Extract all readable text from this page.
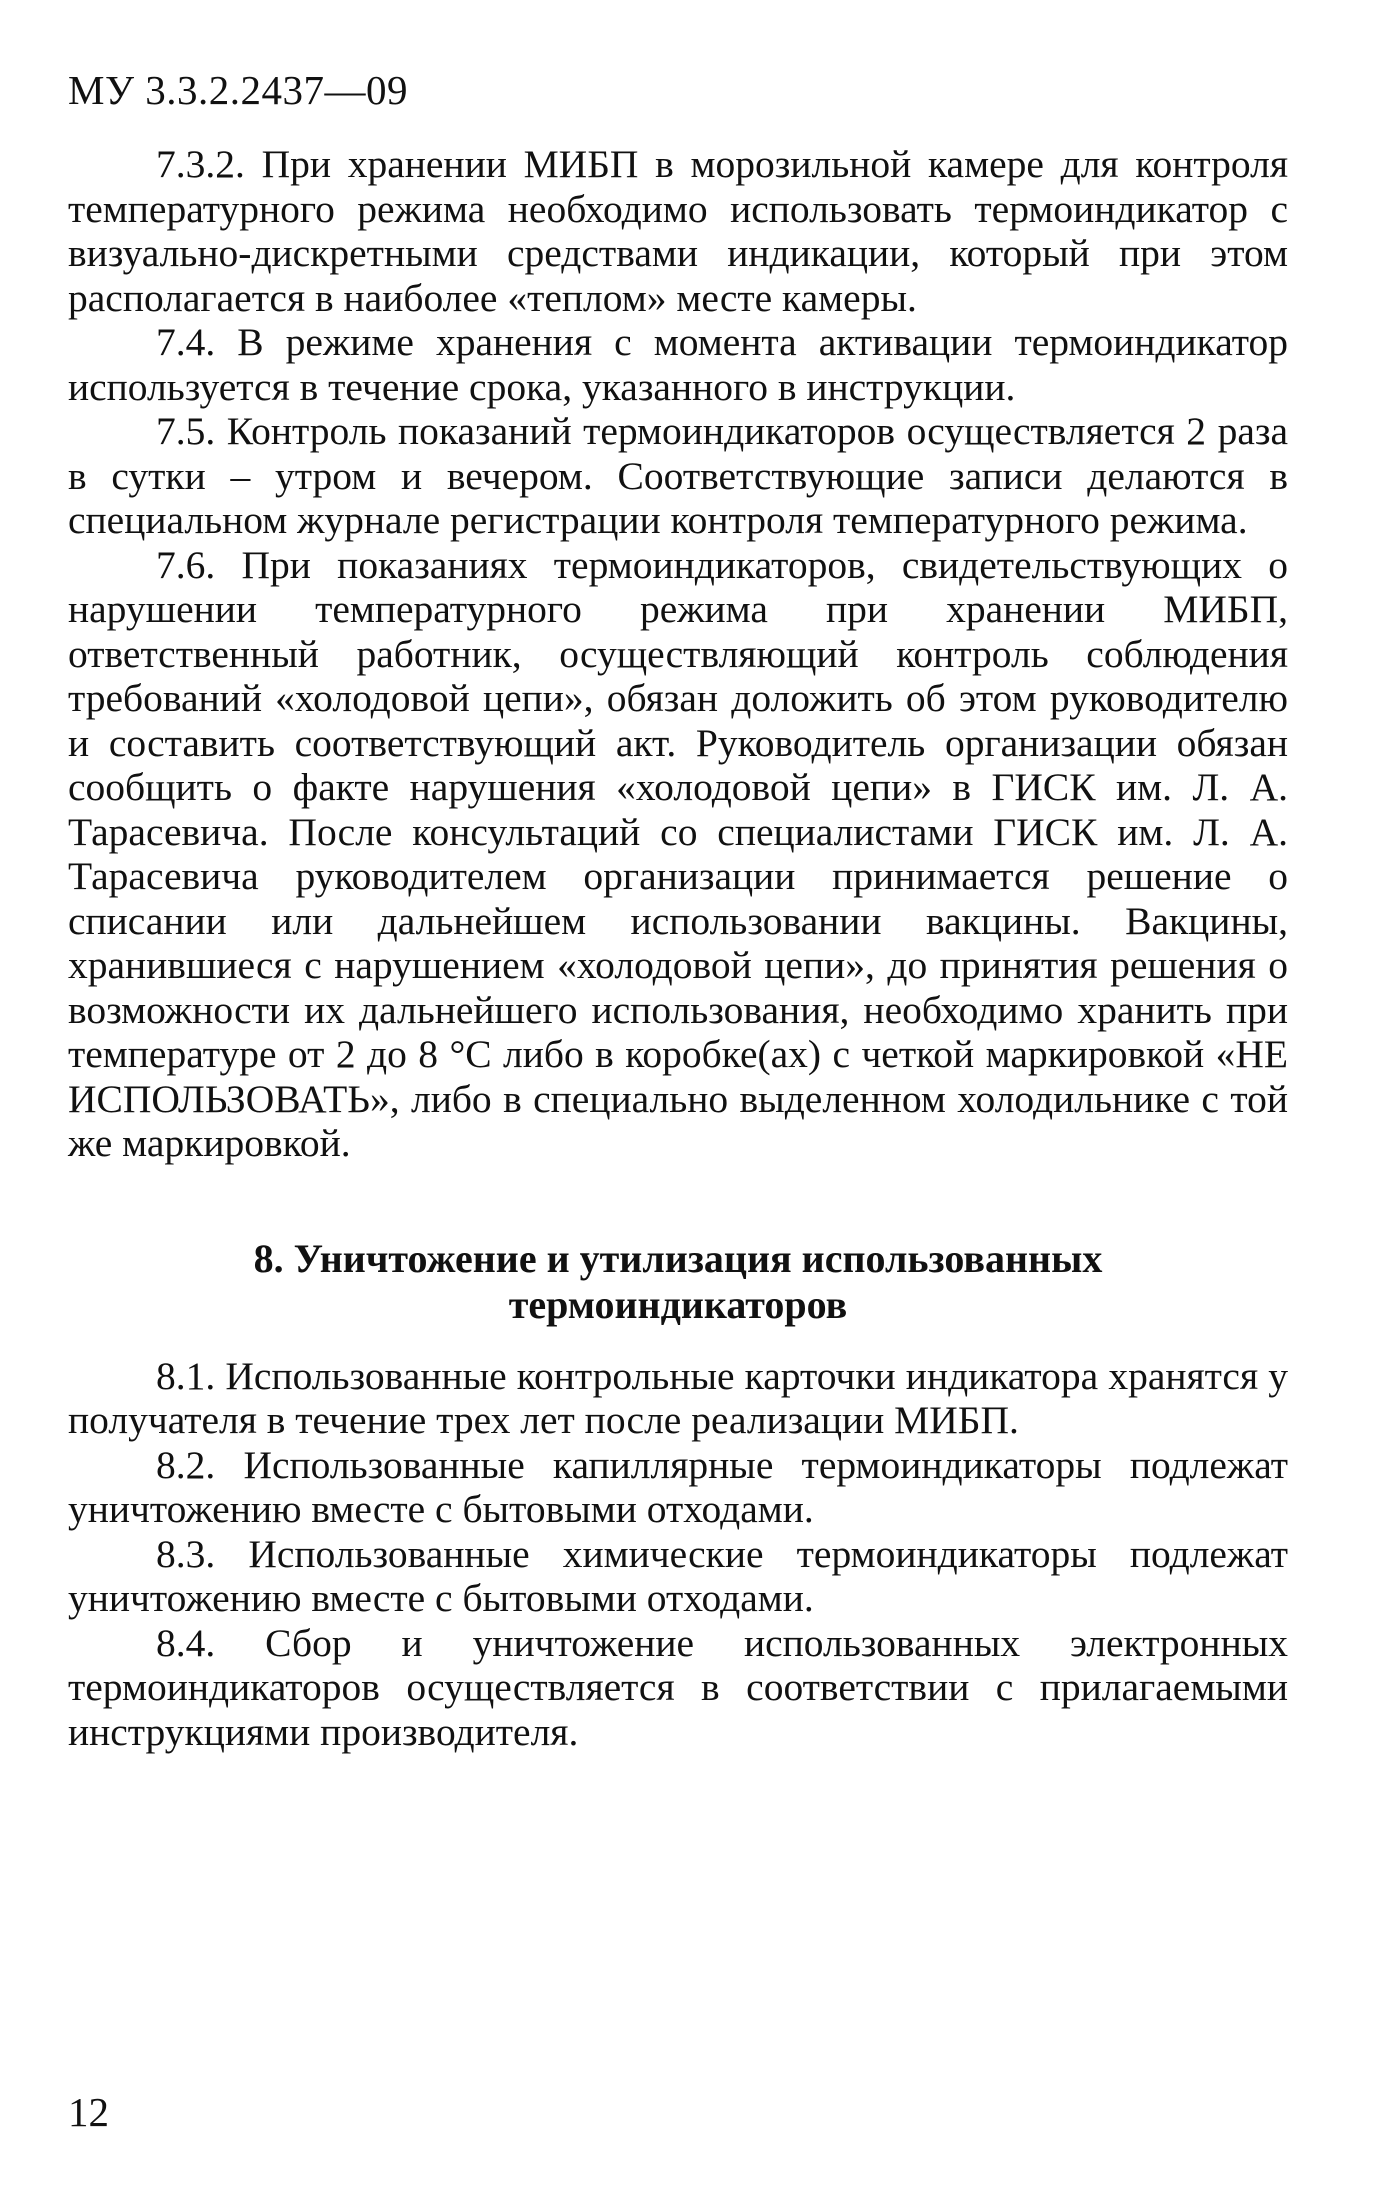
МУ 3.3.2.2437—09

7.3.2. При хранении МИБП в морозильной камере для контроля температурного режима необходимо использовать термоиндикатор с визуально-дискретными средствами индикации, который при этом располагается в наиболее «теплом» месте камеры.

7.4. В режиме хранения с момента активации термоиндикатор используется в течение срока, указанного в инструкции.

7.5. Контроль показаний термоиндикаторов осуществляется 2 раза в сутки – утром и вечером. Соответствующие записи делаются в специальном журнале регистрации контроля температурного режима.

7.6. При показаниях термоиндикаторов, свидетельствующих о нарушении температурного режима при хранении МИБП, ответственный работник, осуществляющий контроль соблюдения требований «холодовой цепи», обязан доложить об этом руководителю и составить соответствующий акт. Руководитель организации обязан сообщить о факте нарушения «холодовой цепи» в ГИСК им. Л. А. Тарасевича. После консультаций со специалистами ГИСК им. Л. А. Тарасевича руководителем организации принимается решение о списании или дальнейшем использовании вакцины. Вакцины, хранившиеся с нарушением «холодовой цепи», до принятия решения о возможности их дальнейшего использования, необходимо хранить при температуре от 2 до 8 °С либо в коробке(ах) с четкой маркировкой «НЕ ИСПОЛЬЗОВАТЬ», либо в специально выделенном холодильнике с той же маркировкой.

8. Уничтожение и утилизация использованных термоиндикаторов

8.1. Использованные контрольные карточки индикатора хранятся у получателя в течение трех лет после реализации МИБП.

8.2. Использованные капиллярные термоиндикаторы подлежат уничтожению вместе с бытовыми отходами.

8.3. Использованные химические термоиндикаторы подлежат уничтожению вместе с бытовыми отходами.

8.4. Сбор и уничтожение использованных электронных термоиндикаторов осуществляется в соответствии с прилагаемыми инструкциями производителя.

12
